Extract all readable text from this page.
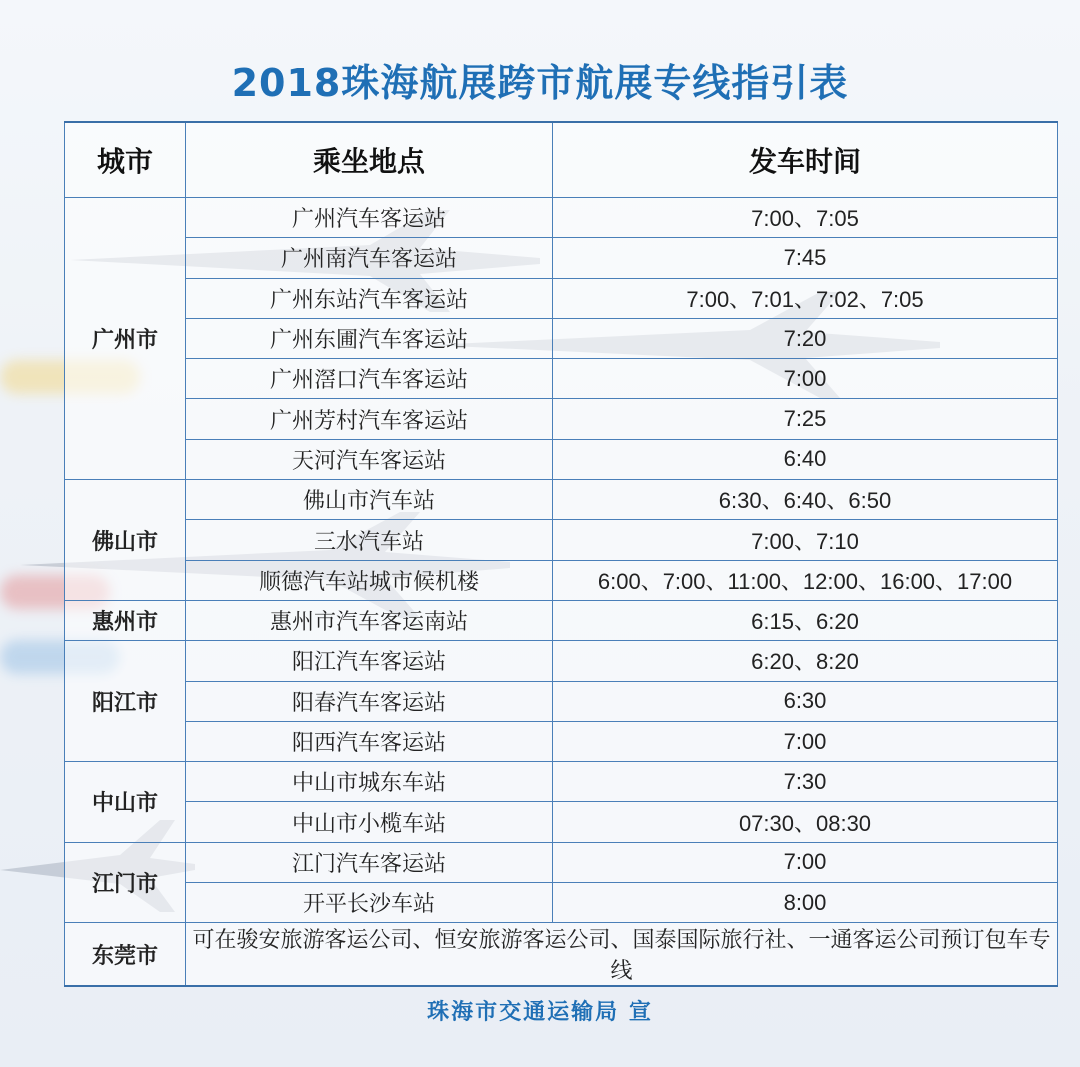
2018珠海航展跨市航展专线指引表
城市	乘坐地点	发车时间
广州市	广州汽车客运站	7:00、7:05
	广州南汽车客运站	7:45
	广州东站汽车客运站	7:00、7:01、7:02、7:05
	广州东圃汽车客运站	7:20
	广州滘口汽车客运站	7:00
	广州芳村汽车客运站	7:25
	天河汽车客运站	6:40
佛山市	佛山市汽车站	6:30、6:40、6:50
	三水汽车站	7:00、7:10
	顺德汽车站城市候机楼	6:00、7:00、11:00、12:00、16:00、17:00
惠州市	惠州市汽车客运南站	6:15、6:20
阳江市	阳江汽车客运站	6:20、8:20
	阳春汽车客运站	6:30
	阳西汽车客运站	7:00
中山市	中山市城东车站	7:30
	中山市小榄车站	07:30、08:30
江门市	江门汽车客运站	7:00
	开平长沙车站	8:00
东莞市	可在骏安旅游客运公司、恒安旅游客运公司、国泰国际旅行社、一通客运公司预订包车专线	
珠海市交通运输局 宣
